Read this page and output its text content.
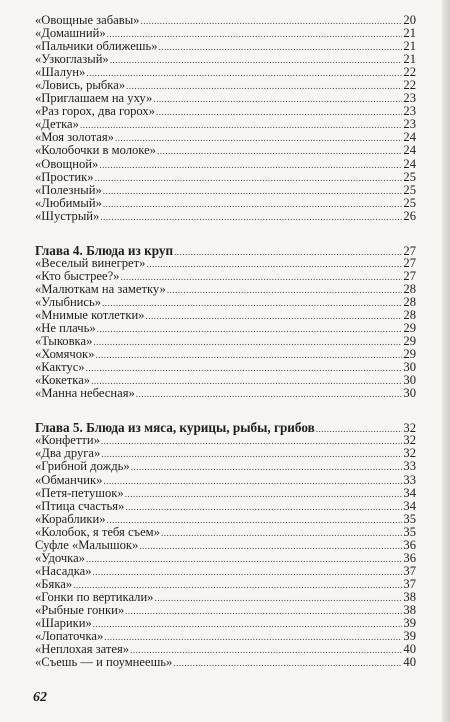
«Овощные забавы» .....	20
«Домашний» .....	21
«Пальчики оближешь» .....	21
«Узкоглазый» .....	21
«Шалун» .....	22
«Ловись, рыбка» .....	22
«Приглашаем на уху» .....	23
«Раз горох, два горох» .....	23
«Детка» .....	23
«Моя золотая» .....	24
«Колобочки в молоке» .....	24
«Овощной» .....	24
«Простик» .....	25
«Полезный» .....	25
«Любимый» .....	25
«Шустрый» .....	26
Глава 4. Блюда из круп .....	27
«Веселый винегрет» .....	27
«Кто быстрее?» .....	27
«Малюткам на заметку» .....	28
«Улыбнись» .....	28
«Мнимые котлетки» .....	28
«Не плачь» .....	29
«Тыковка» .....	29
«Хомячок» .....	29
«Кактус» .....	30
«Кокетка» .....	30
«Манна небесная» .....	30
Глава 5. Блюда из мяса, курицы, рыбы, грибов .....	32
«Конфетти» .....	32
«Два друга» .....	32
«Грибной дождь» .....	33
«Обманчик» .....	33
«Петя-петушок» .....	34
«Птица счастья» .....	34
«Кораблики» .....	35
«Колобок, я тебя съем» .....	35
Суфле «Малышок» .....	36
«Удочка» .....	36
«Насадка» .....	37
«Бяка» .....	37
«Гонки по вертикали» .....	38
«Рыбные гонки» .....	38
«Шарики» .....	39
«Лопаточка» .....	39
«Неплохая затея» .....	40
«Съешь — и поумнеешь» .....	40
62
